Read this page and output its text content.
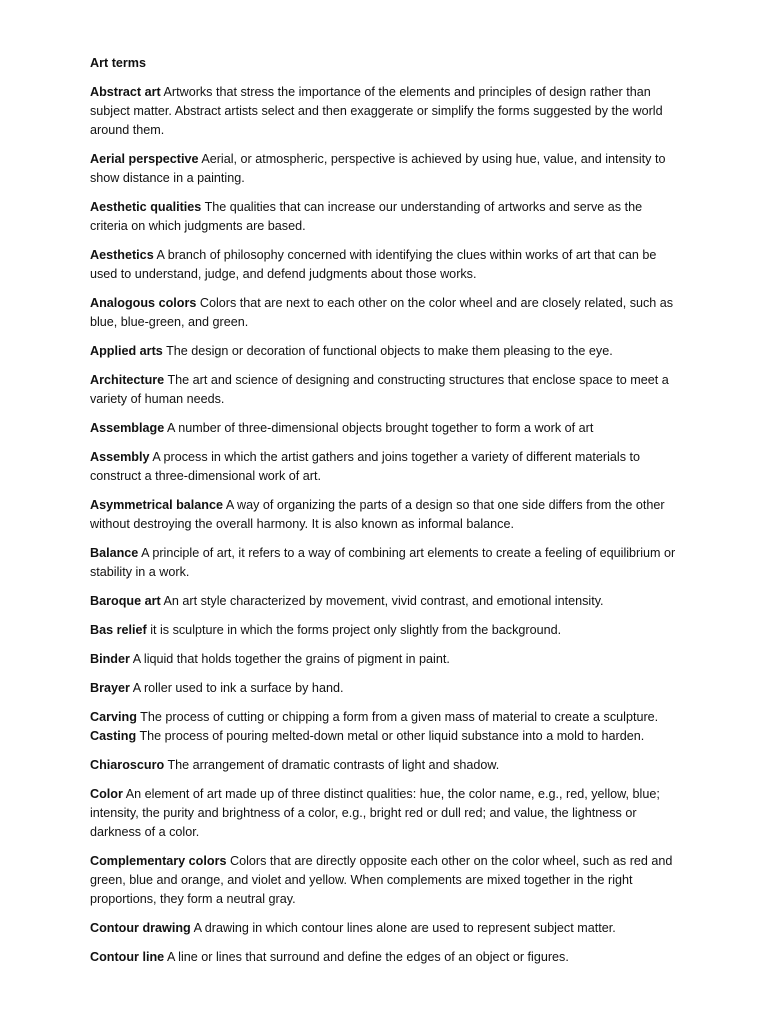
Art terms
Abstract art Artworks that stress the importance of the elements and principles of design rather than subject matter. Abstract artists select and then exaggerate or simplify the forms suggested by the world around them.
Aerial perspective Aerial, or atmospheric, perspective is achieved by using hue, value, and intensity to show distance in a painting.
Aesthetic qualities The qualities that can increase our understanding of artworks and serve as the criteria on which judgments are based.
Aesthetics A branch of philosophy concerned with identifying the clues within works of art that can be used to understand, judge, and defend judgments about those works.
Analogous colors Colors that are next to each other on the color wheel and are closely related, such as blue, blue-green, and green.
Applied arts The design or decoration of functional objects to make them pleasing to the eye.
Architecture The art and science of designing and constructing structures that enclose space to meet a variety of human needs.
Assemblage A number of three-dimensional objects brought together to form a work of art
Assembly A process in which the artist gathers and joins together a variety of different materials to construct a three-dimensional work of art.
Asymmetrical balance A way of organizing the parts of a design so that one side differs from the other without destroying the overall harmony. It is also known as informal balance.
Balance A principle of art, it refers to a way of combining art elements to create a feeling of equilibrium or stability in a work.
Baroque art An art style characterized by movement, vivid contrast, and emotional intensity.
Bas relief it is sculpture in which the forms project only slightly from the background.
Binder A liquid that holds together the grains of pigment in paint.
Brayer A roller used to ink a surface by hand.
Carving The process of cutting or chipping a form from a given mass of material to create a sculpture.
Casting The process of pouring melted-down metal or other liquid substance into a mold to harden.
Chiaroscuro The arrangement of dramatic contrasts of light and shadow.
Color An element of art made up of three distinct qualities: hue, the color name, e.g., red, yellow, blue; intensity, the purity and brightness of a color, e.g., bright red or dull red; and value, the lightness or darkness of a color.
Complementary colors Colors that are directly opposite each other on the color wheel, such as red and green, blue and orange, and violet and yellow. When complements are mixed together in the right proportions, they form a neutral gray.
Contour drawing A drawing in which contour lines alone are used to represent subject matter.
Contour line A line or lines that surround and define the edges of an object or figures.
